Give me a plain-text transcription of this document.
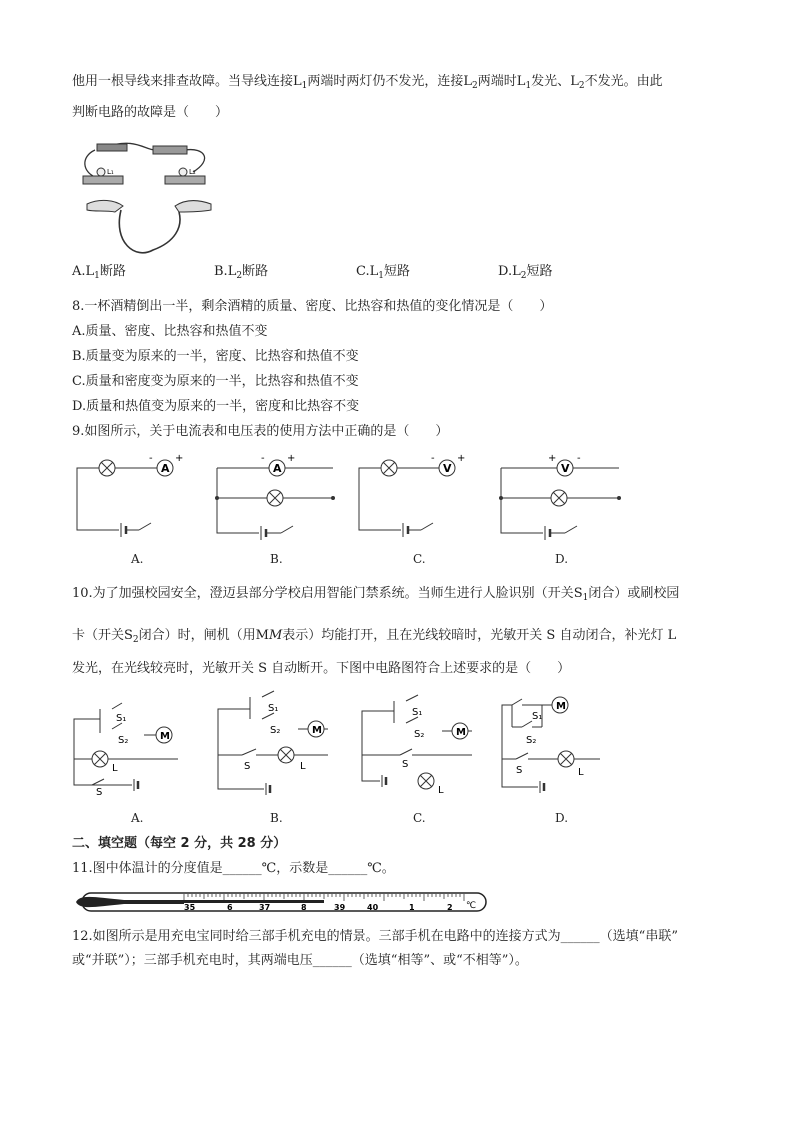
他用一根导线来排查故障。当导线连接$L_1$两端时两灯仍不发光，连接$L_2$两端时$L_1$发光、$L_2$不发光。由此
判断电路的故障是（　　）
L₁	L₂
$A.L_1$断路	$B.L_2$断路	$C.L_1$短路	$D.L_2$短路
8.一杯酒精倒出一半，剩余酒精的质量、密度、比热容和热值的变化情况是（　　）
A.质量、密度、比热容和热值不变
B.质量变为原来的一半，密度、比热容和热值不变
C.质量和密度变为原来的一半，比热容和热值不变
D.质量和热值变为原来的一半，密度和比热容不变
9.如图所示，关于电流表和电压表的使用方法中正确的是（　　）
A
- +
A
- +
V
- +
V
+ -
A.	B.	C.	D.
10.为了加强校园安全，澄迈县部分学校启用智能门禁系统。当师生进行人脸识别（开关$S_1$闭合）或刷校园
卡（开关$S_2$闭合）时，闸机（用MM表示）均能打开，且在光线较暗时，光敏开关 S 自动闭合，补光灯 L
发光，在光线较亮时，光敏开关 S 自动断开。下图中电路图符合上述要求的是（　　）
S₁
S₂	M
L
S
S₁
S₂	M
S	L
S₁
S₂	M
S
L
M
S₁
S₂
S	L
A.	B.	C.	D.
二、填空题（每空 2 分，共 28 分）
11.图中体温计的分度值是______℃，示数是______℃。
35	6	37	8	39	40	1	2 ℃
12.如图所示是用充电宝同时给三部手机充电的情景。三部手机在电路中的连接方式为______（选填“串联”
或“并联”）；三部手机充电时，其两端电压______（选填“相等”、或“不相等”）。
